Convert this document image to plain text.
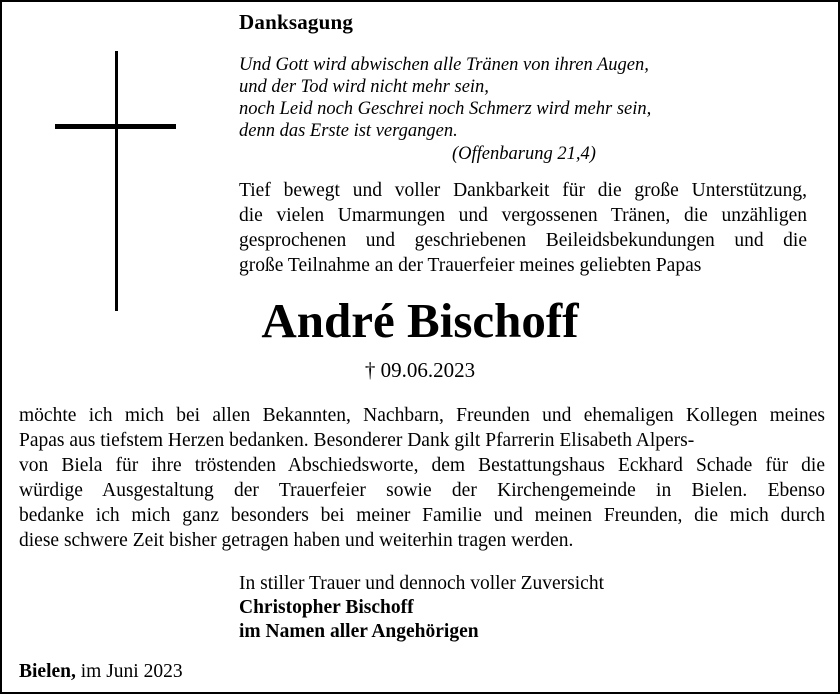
Danksagung
Und Gott wird abwischen alle Tränen von ihren Augen,
und der Tod wird nicht mehr sein,
noch Leid noch Geschrei noch Schmerz wird mehr sein,
denn das Erste ist vergangen.
(Offenbarung 21,4)
Tief bewegt und voller Dankbarkeit für die große Unterstützung,
die vielen Umarmungen und vergossenen Tränen, die unzähligen
gesprochenen und geschriebenen Beileidsbekundungen und die
große Teilnahme an der Trauerfeier meines geliebten Papas
André Bischoff
† 09.06.2023
möchte ich mich bei allen Bekannten, Nachbarn, Freunden und ehemaligen Kollegen meines
Papas aus tiefstem Herzen bedanken. Besonderer Dank gilt Pfarrerin Elisabeth Alpers-
von Biela für ihre tröstenden Abschiedsworte, dem Bestattungshaus Eckhard Schade für die
würdige Ausgestaltung der Trauerfeier sowie der Kirchengemeinde in Bielen. Ebenso
bedanke ich mich ganz besonders bei meiner Familie und meinen Freunden, die mich durch
diese schwere Zeit bisher getragen haben und weiterhin tragen werden.
In stiller Trauer und dennoch voller Zuversicht
Christopher Bischoff
im Namen aller Angehörigen
Bielen, im Juni 2023
